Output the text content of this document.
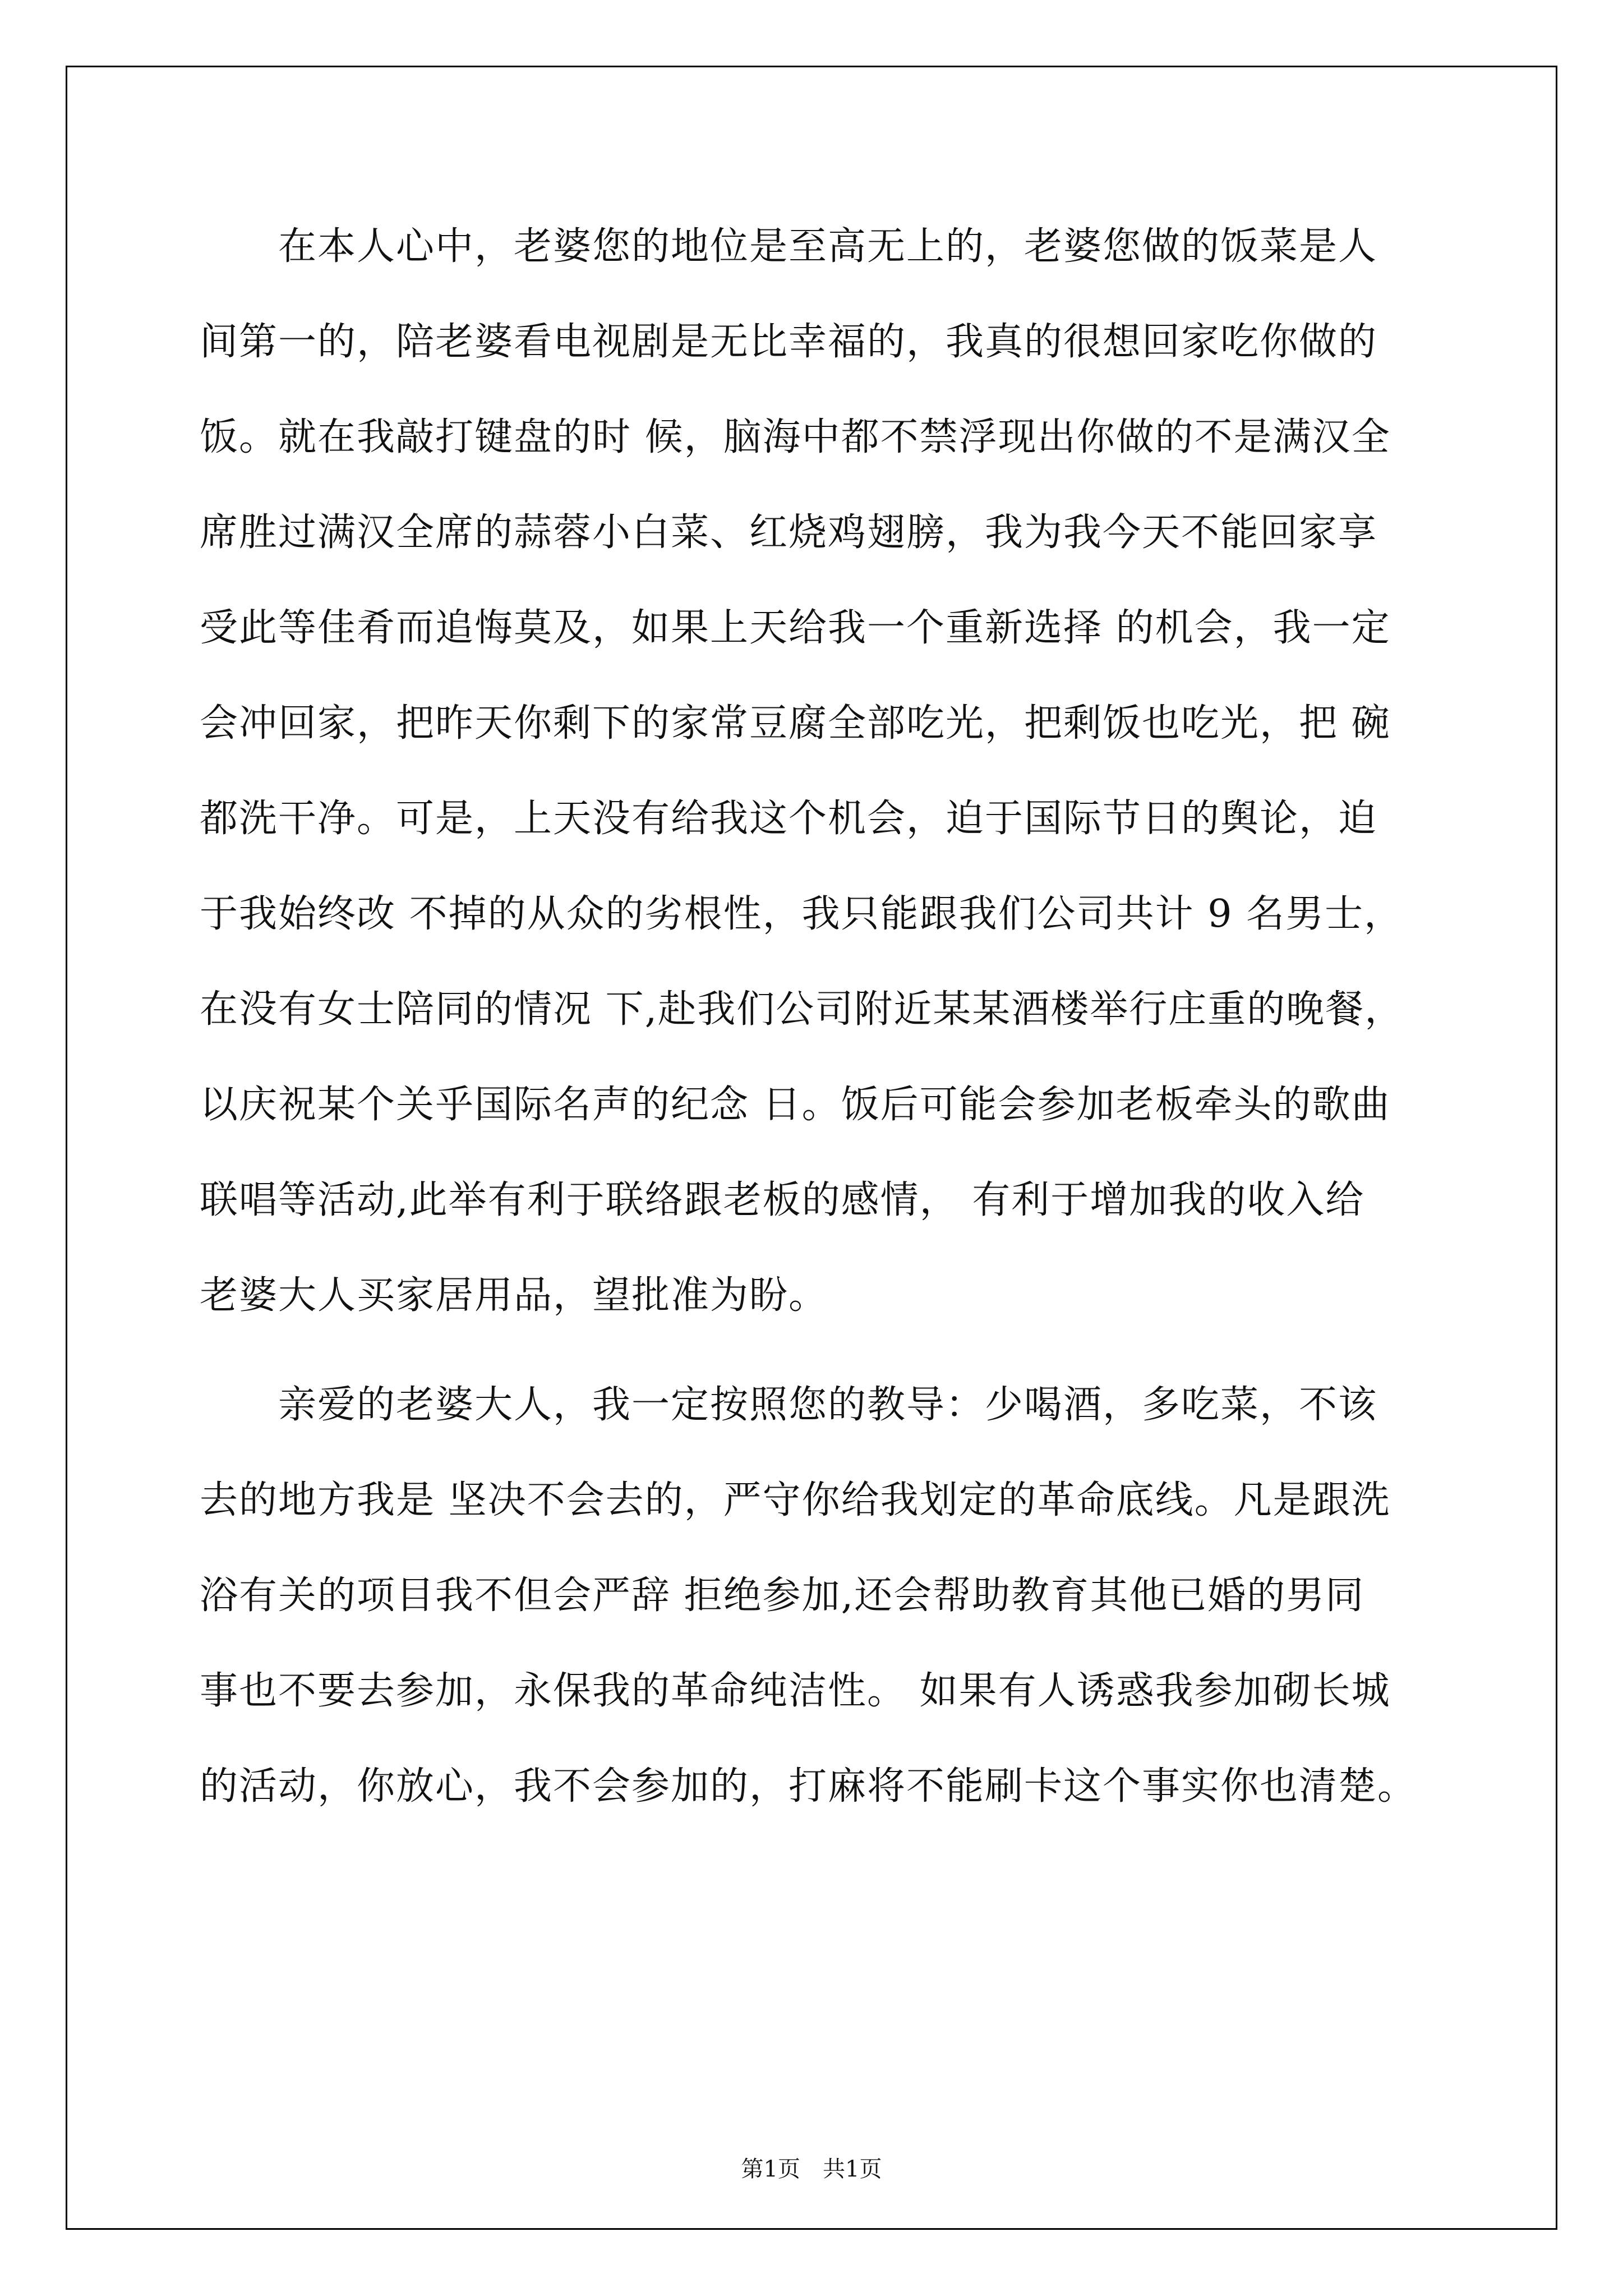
　　在本人心中，老婆您的地位是至高无上的，老婆您做的饭菜是人
间第一的，陪老婆看电视剧是无比幸福的，我真的很想回家吃你做的
饭。就在我敲打键盘的时 候，脑海中都不禁浮现出你做的不是满汉全
席胜过满汉全席的蒜蓉小白菜、红烧鸡翅膀，我为我今天不能回家享
受此等佳肴而追悔莫及，如果上天给我一个重新选择 的机会，我一定
会冲回家，把昨天你剩下的家常豆腐全部吃光，把剩饭也吃光，把 碗
都洗干净。可是，上天没有给我这个机会，迫于国际节日的舆论，迫
于我始终改 不掉的从众的劣根性，我只能跟我们公司共计 9 名男士，
在没有女士陪同的情况 下,赴我们公司附近某某酒楼举行庄重的晚餐，
以庆祝某个关乎国际名声的纪念 日。饭后可能会参加老板牵头的歌曲
联唱等活动,此举有利于联络跟老板的感情， 有利于增加我的收入给
老婆大人买家居用品，望批准为盼。
　　亲爱的老婆大人，我一定按照您的教导：少喝酒，多吃菜，不该
去的地方我是 坚决不会去的，严守你给我划定的革命底线。凡是跟洗
浴有关的项目我不但会严辞 拒绝参加,还会帮助教育其他已婚的男同
事也不要去参加，永保我的革命纯洁性。 如果有人诱惑我参加砌长城
的活动，你放心，我不会参加的，打麻将不能刷卡这个事实你也清楚。
第1页　共1页
